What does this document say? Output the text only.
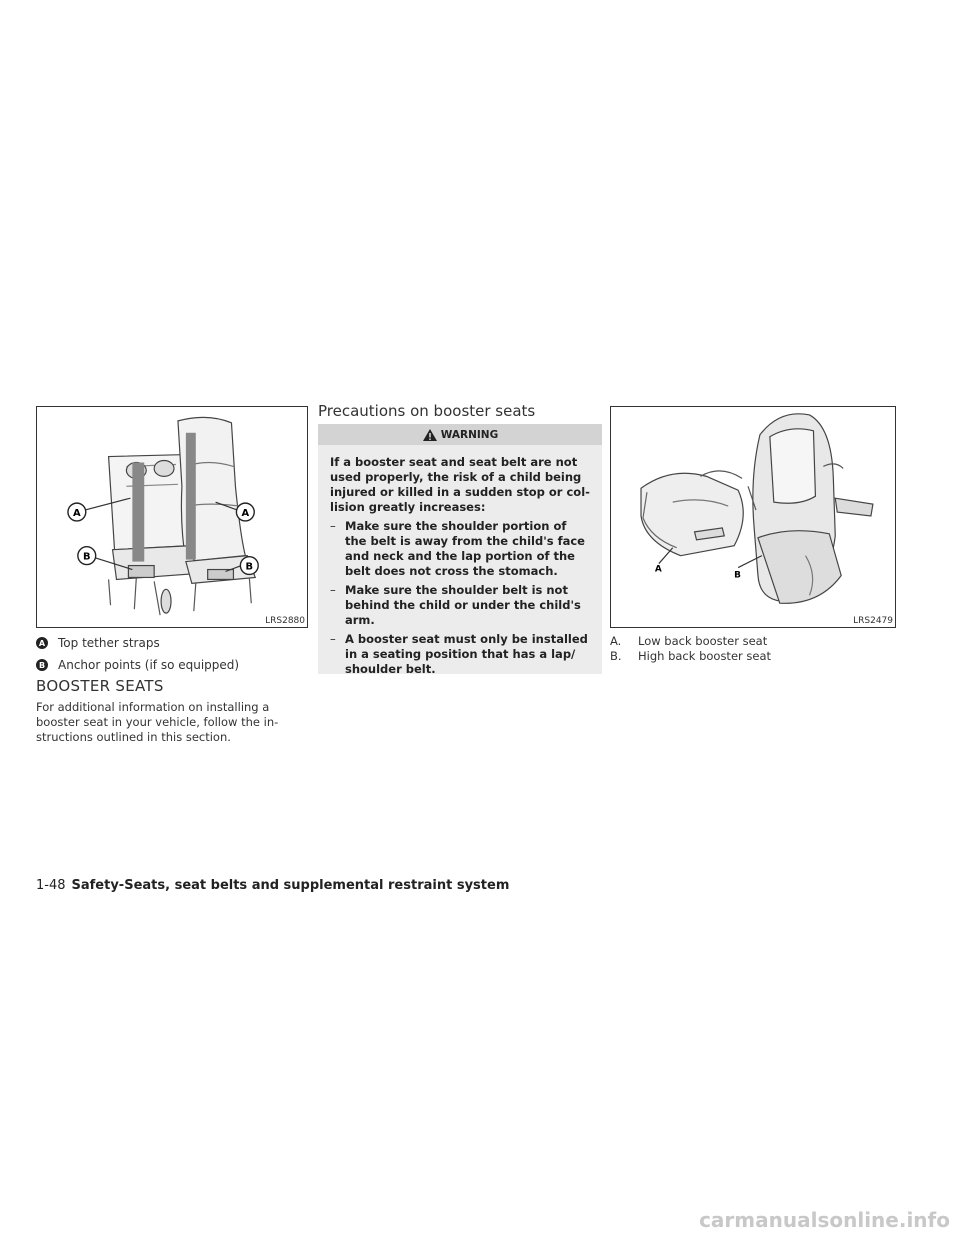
A	A
B
B
LRS2880
A Top tether straps
B Anchor points (if so equipped)
BOOSTER SEATS
For additional information on installing a
booster seat in your vehicle, follow the in-
structions outlined in this section.
Precautions on booster seats
WARNING
If a booster seat and seat belt are not
used properly, the risk of a child being
injured or killed in a sudden stop or col-
lision greatly increases:
– Make sure the shoulder portion of
the belt is away from the child's face
and neck and the lap portion of the
belt does not cross the stomach.
– Make sure the shoulder belt is not
behind the child or under the child's
arm.
– A booster seat must only be installed
in a seating position that has a lap/
shoulder belt.
A
B
LRS2479
A.	Low back booster seat
B.	High back booster seat
1-48 Safety-Seats, seat belts and supplemental restraint system
carmanualsonline.info
